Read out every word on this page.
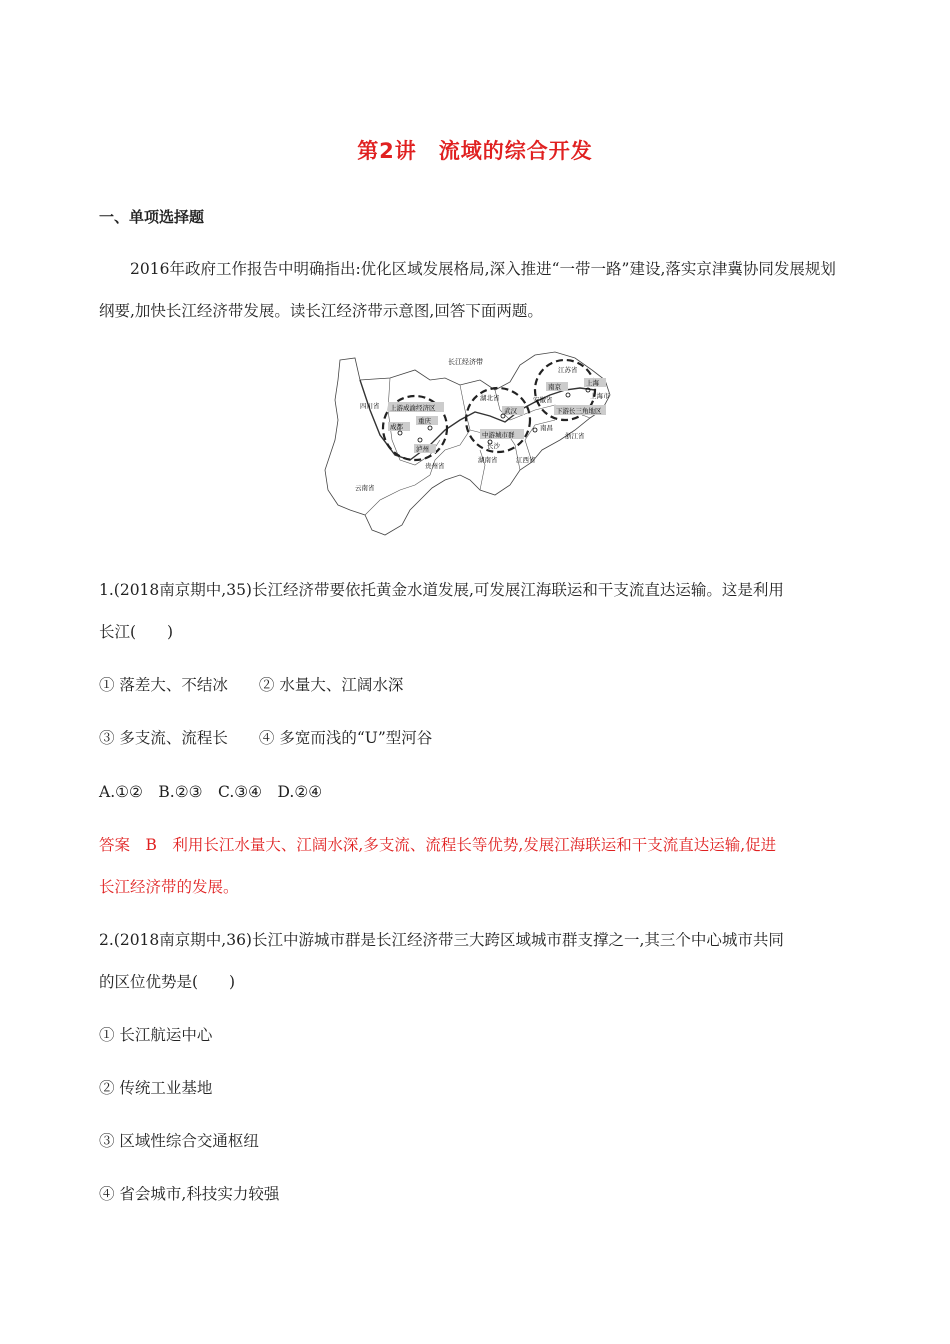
第2讲　流域的综合开发
一、单项选择题
2016年政府工作报告中明确指出:优化区域发展格局,深入推进“一带一路”建设,落实京津冀协同发展规划纲要,加快长江经济带发展。读长江经济带示意图,回答下面两题。
长江经济带
四川省
云南省
贵州省
湖北省
湖南省	江西省
安徽省
江苏省
浙江省
上海市
上游成渝经济区
成都
重庆
泸州
武汉
中游城市群
长沙
南昌
南京	上海
下游长三角地区
1.(2018南京期中,35)长江经济带要依托黄金水道发展,可发展江海联运和干支流直达运输。这是利用
长江(　　)
① 落差大、不结冰　　② 水量大、江阔水深
③ 多支流、流程长　　④ 多宽而浅的“U”型河谷
A.①②　B.②③　C.③④　D.②④
答案　B　利用长江水量大、江阔水深,多支流、流程长等优势,发展江海联运和干支流直达运输,促进
长江经济带的发展。
2.(2018南京期中,36)长江中游城市群是长江经济带三大跨区域城市群支撑之一,其三个中心城市共同
的区位优势是(　　)
① 长江航运中心
② 传统工业基地
③ 区域性综合交通枢纽
④ 省会城市,科技实力较强
